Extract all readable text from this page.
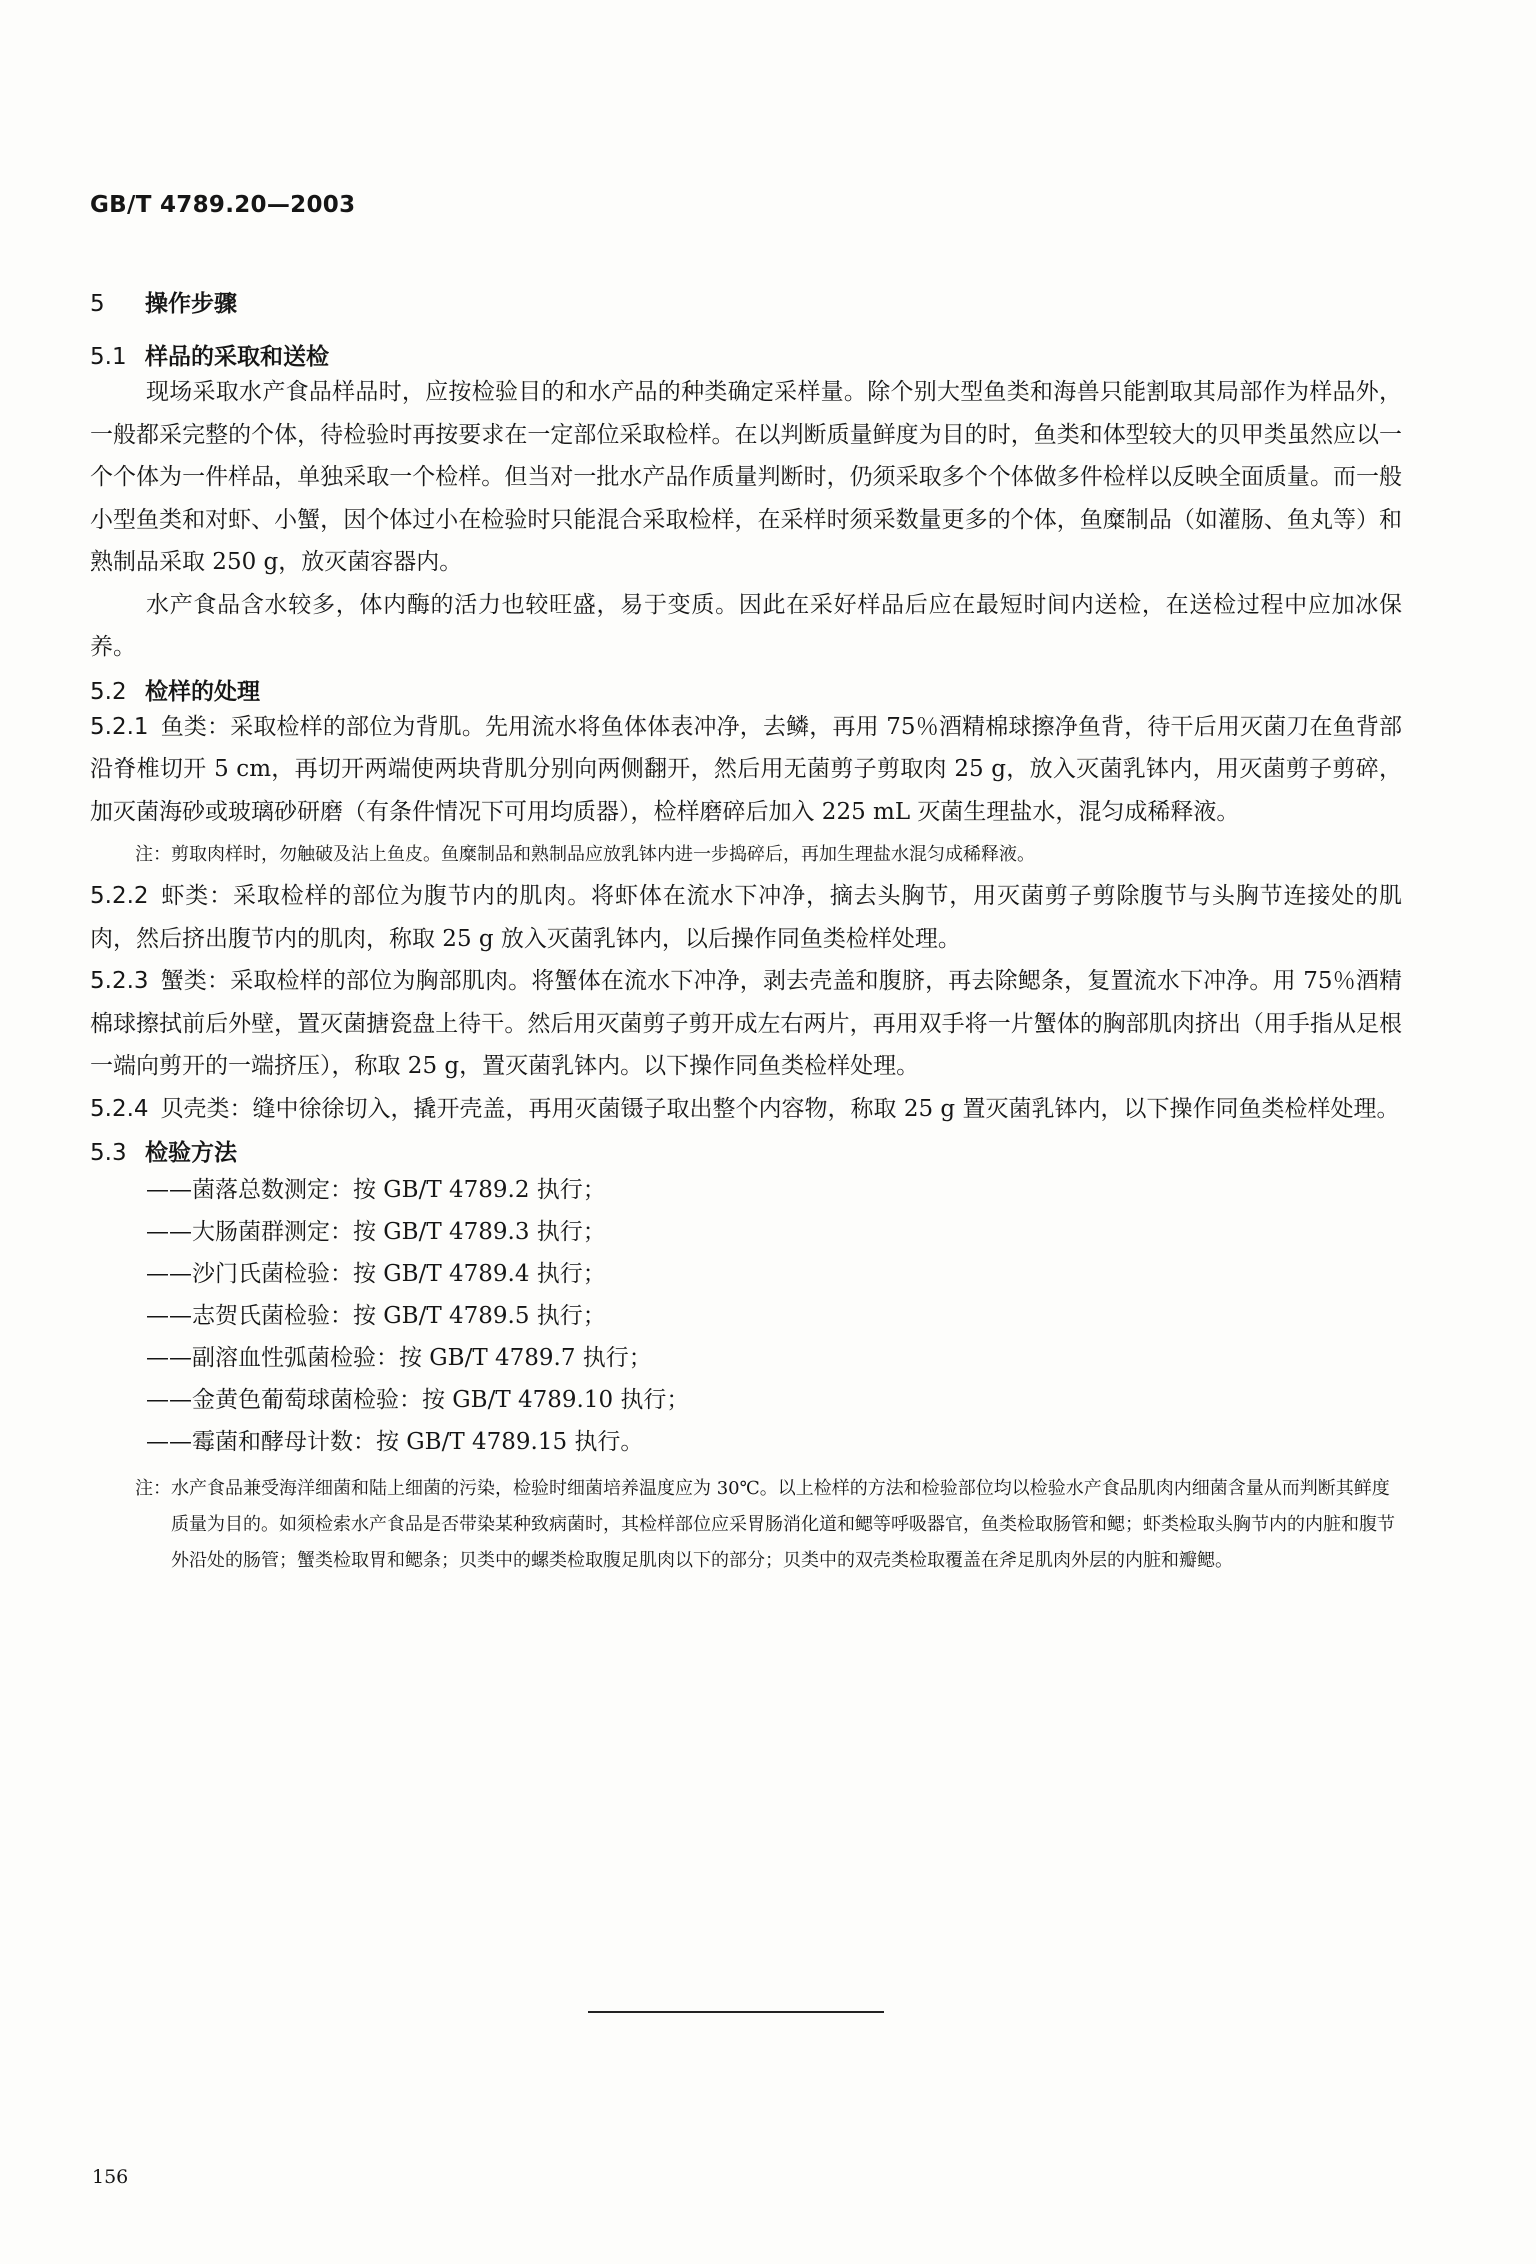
GB/T 4789.20—2003
5 操作步骤
5.1 样品的采取和送检

现场采取水产食品样品时，应按检验目的和水产品的种类确定采样量。除个别大型鱼类和海兽只能割取其局部作为样品外，一般都采完整的个体，待检验时再按要求在一定部位采取检样。在以判断质量鲜度为目的时，鱼类和体型较大的贝甲类虽然应以一个个体为一件样品，单独采取一个检样。但当对一批水产品作质量判断时，仍须采取多个个体做多件检样以反映全面质量。而一般小型鱼类和对虾、小蟹，因个体过小在检验时只能混合采取检样，在采样时须采数量更多的个体，鱼糜制品（如灌肠、鱼丸等）和熟制品采取 250 g，放灭菌容器内。

水产食品含水较多，体内酶的活力也较旺盛，易于变质。因此在采好样品后应在最短时间内送检，在送检过程中应加冰保养。

5.2 检样的处理

5.2.1 鱼类：采取检样的部位为背肌。先用流水将鱼体体表冲净，去鳞，再用 75％酒精棉球擦净鱼背，待干后用灭菌刀在鱼背部沿脊椎切开 5 cm，再切开两端使两块背肌分别向两侧翻开，然后用无菌剪子剪取肉 25 g，放入灭菌乳钵内，用灭菌剪子剪碎，加灭菌海砂或玻璃砂研磨（有条件情况下可用均质器），检样磨碎后加入 225 mL 灭菌生理盐水，混匀成稀释液。

注：剪取肉样时，勿触破及沾上鱼皮。鱼糜制品和熟制品应放乳钵内进一步捣碎后，再加生理盐水混匀成稀释液。

5.2.2 虾类：采取检样的部位为腹节内的肌肉。将虾体在流水下冲净，摘去头胸节，用灭菌剪子剪除腹节与头胸节连接处的肌肉，然后挤出腹节内的肌肉，称取 25 g 放入灭菌乳钵内，以后操作同鱼类检样处理。

5.2.3 蟹类：采取检样的部位为胸部肌肉。将蟹体在流水下冲净，剥去壳盖和腹脐，再去除鳃条，复置流水下冲净。用 75％酒精棉球擦拭前后外壁，置灭菌搪瓷盘上待干。然后用灭菌剪子剪开成左右两片，再用双手将一片蟹体的胸部肌肉挤出（用手指从足根一端向剪开的一端挤压），称取 25 g，置灭菌乳钵内。以下操作同鱼类检样处理。

5.2.4 贝壳类：缝中徐徐切入，撬开壳盖，再用灭菌镊子取出整个内容物，称取 25 g 置灭菌乳钵内，以下操作同鱼类检样处理。

5.3 检验方法
——菌落总数测定：按 GB/T 4789.2 执行；
——大肠菌群测定：按 GB/T 4789.3 执行；
——沙门氏菌检验：按 GB/T 4789.4 执行；
——志贺氏菌检验：按 GB/T 4789.5 执行；
——副溶血性弧菌检验：按 GB/T 4789.7 执行；
——金黄色葡萄球菌检验：按 GB/T 4789.10 执行；
——霉菌和酵母计数：按 GB/T 4789.15 执行。
注： 水产食品兼受海洋细菌和陆上细菌的污染，检验时细菌培养温度应为 30℃。以上检样的方法和检验部位均以检验水产食品肌肉内细菌含量从而判断其鲜度质量为目的。如须检索水产食品是否带染某种致病菌时，其检样部位应采胃肠消化道和鳃等呼吸器官，鱼类检取肠管和鳃；虾类检取头胸节内的内脏和腹节外沿处的肠管；蟹类检取胃和鳃条；贝类中的螺类检取腹足肌肉以下的部分；贝类中的双壳类检取覆盖在斧足肌肉外层的内脏和瓣鳃。
156
